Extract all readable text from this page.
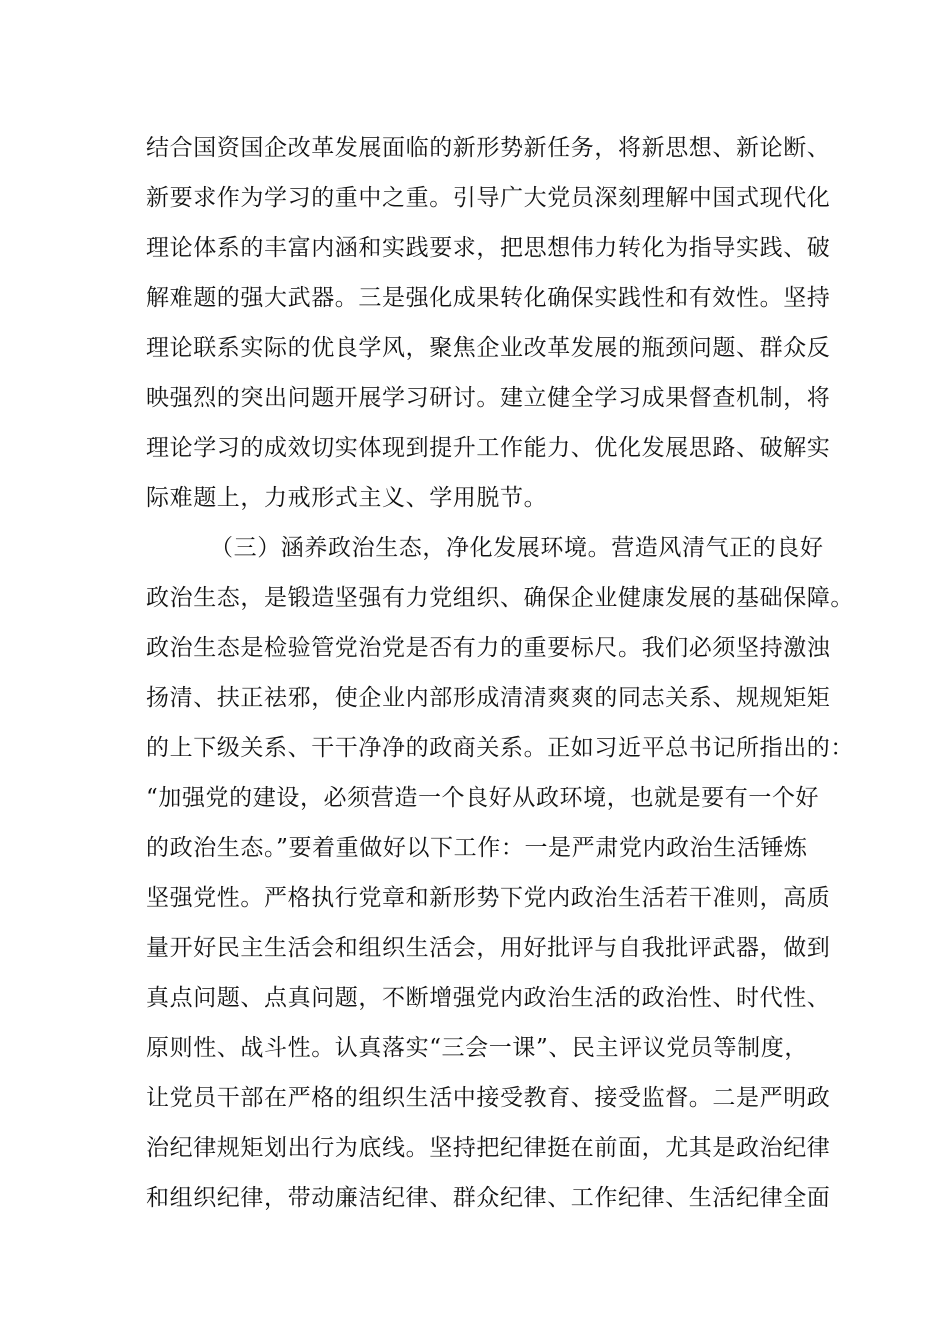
结合国资国企改革发展面临的新形势新任务，将新思想、新论断、
新要求作为学习的重中之重。引导广大党员深刻理解中国式现代化
理论体系的丰富内涵和实践要求，把思想伟力转化为指导实践、破
解难题的强大武器。三是强化成果转化确保实践性和有效性。坚持
理论联系实际的优良学风，聚焦企业改革发展的瓶颈问题、群众反
映强烈的突出问题开展学习研讨。建立健全学习成果督查机制，将
理论学习的成效切实体现到提升工作能力、优化发展思路、破解实
际难题上，力戒形式主义、学用脱节。
（三）涵养政治生态，净化发展环境。营造风清气正的良好
政治生态，是锻造坚强有力党组织、确保企业健康发展的基础保障。
政治生态是检验管党治党是否有力的重要标尺。我们必须坚持激浊
扬清、扶正祛邪，使企业内部形成清清爽爽的同志关系、规规矩矩
的上下级关系、干干净净的政商关系。正如习近平总书记所指出的：
“加强党的建设，必须营造一个良好从政环境，也就是要有一个好
的政治生态。”要着重做好以下工作：一是严肃党内政治生活锤炼
坚强党性。严格执行党章和新形势下党内政治生活若干准则，高质
量开好民主生活会和组织生活会，用好批评与自我批评武器，做到
真点问题、点真问题，不断增强党内政治生活的政治性、时代性、
原则性、战斗性。认真落实“三会一课”、民主评议党员等制度，
让党员干部在严格的组织生活中接受教育、接受监督。二是严明政
治纪律规矩划出行为底线。坚持把纪律挺在前面，尤其是政治纪律
和组织纪律，带动廉洁纪律、群众纪律、工作纪律、生活纪律全面
